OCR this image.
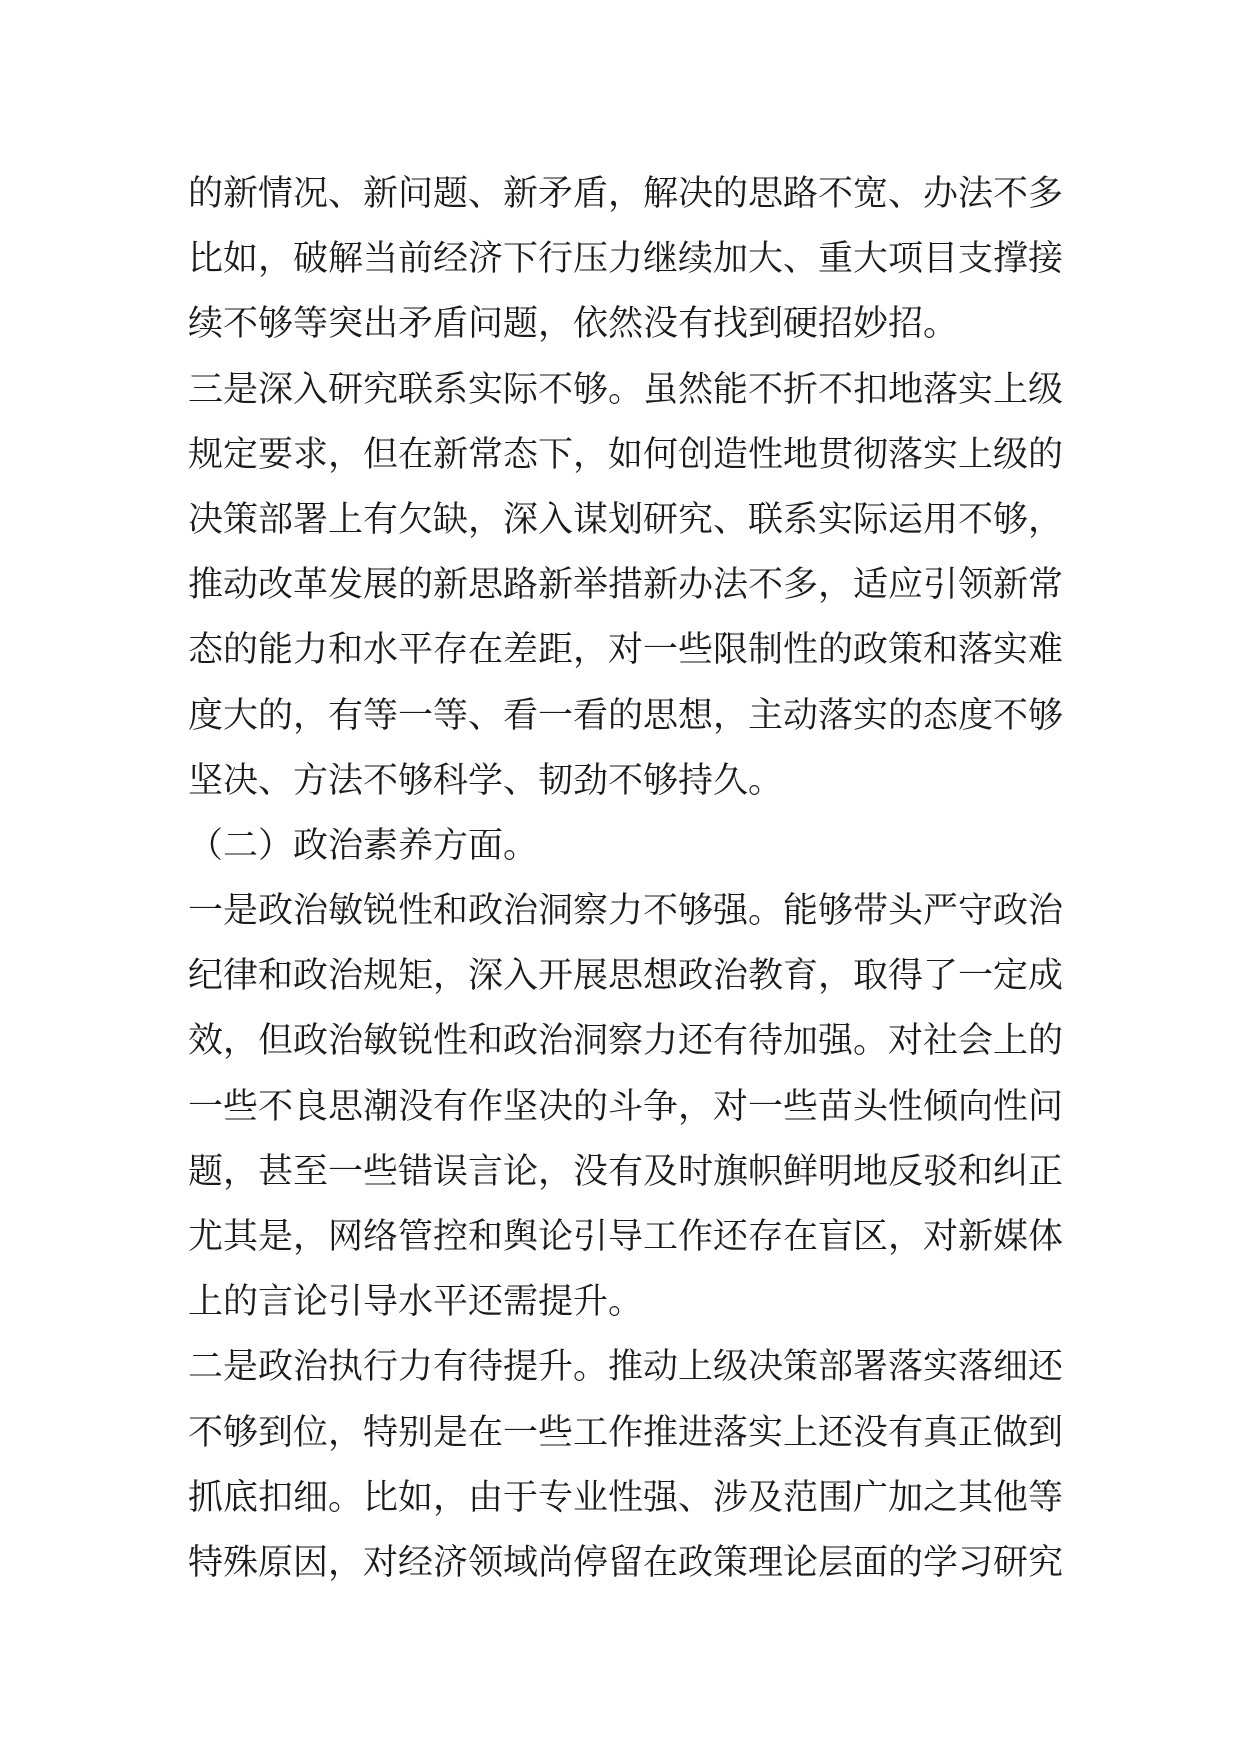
的新情况、新问题、新矛盾，解决的思路不宽、办法不多
比如，破解当前经济下行压力继续加大、重大项目支撑接
续不够等突出矛盾问题，依然没有找到硬招妙招。
三是深入研究联系实际不够。虽然能不折不扣地落实上级
规定要求，但在新常态下，如何创造性地贯彻落实上级的
决策部署上有欠缺，深入谋划研究、联系实际运用不够，
推动改革发展的新思路新举措新办法不多，适应引领新常
态的能力和水平存在差距，对一些限制性的政策和落实难
度大的，有等一等、看一看的思想，主动落实的态度不够
坚决、方法不够科学、韧劲不够持久。
（二）政治素养方面。
一是政治敏锐性和政治洞察力不够强。能够带头严守政治
纪律和政治规矩，深入开展思想政治教育，取得了一定成
效，但政治敏锐性和政治洞察力还有待加强。对社会上的
一些不良思潮没有作坚决的斗争，对一些苗头性倾向性问
题，甚至一些错误言论，没有及时旗帜鲜明地反驳和纠正
尤其是，网络管控和舆论引导工作还存在盲区，对新媒体
上的言论引导水平还需提升。
二是政治执行力有待提升。推动上级决策部署落实落细还
不够到位，特别是在一些工作推进落实上还没有真正做到
抓底扣细。比如，由于专业性强、涉及范围广加之其他等
特殊原因，对经济领域尚停留在政策理论层面的学习研究
